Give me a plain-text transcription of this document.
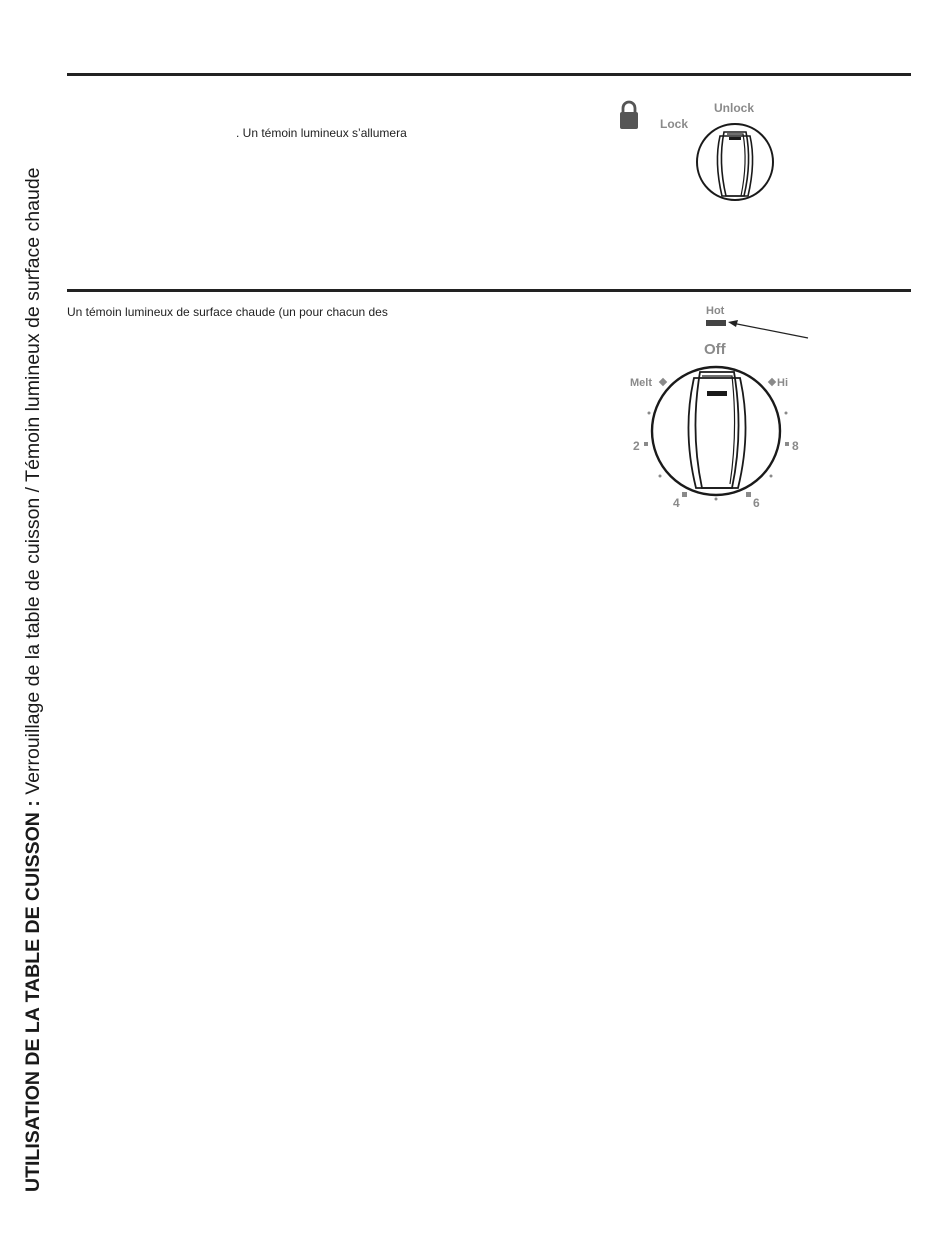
UTILISATION DE LA TABLE DE CUISSON : Verrouillage de la table de cuisson / Témoin lumineux de surface chaude
. Un témoin lumineux s’allumera
Lock
Unlock
Un témoin lumineux de surface chaude (un pour chacun des	Hot
Off
Melt	Hi
2	8
4	6
